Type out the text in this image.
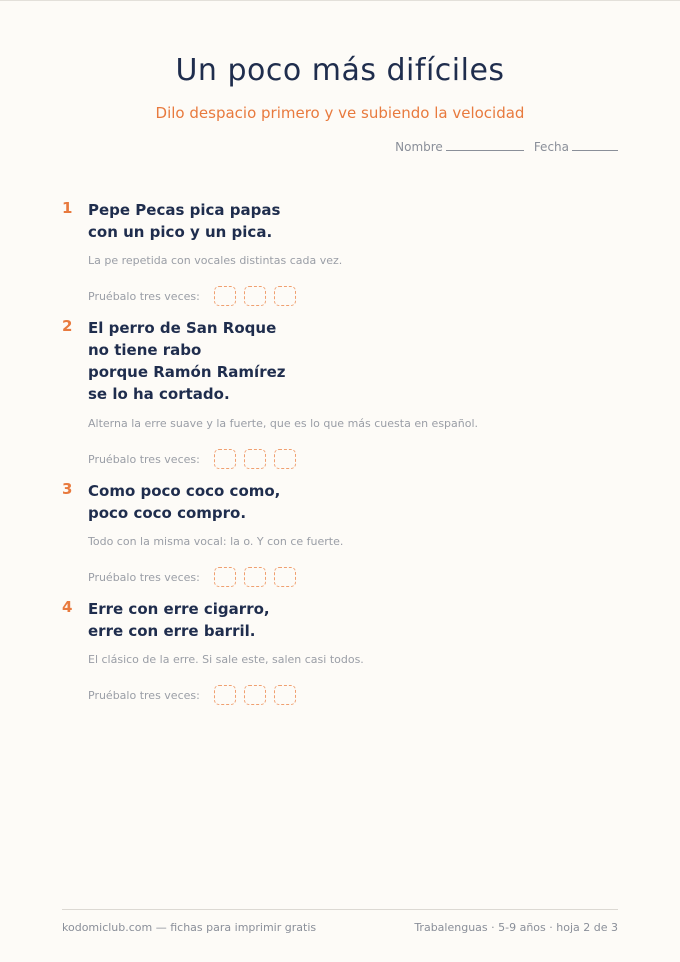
Un poco más difíciles
Dilo despacio primero y ve subiendo la velocidad
Nombre	Fecha
1 Pepe Pecas pica papas
con un pico y un pica.
La pe repetida con vocales distintas cada vez.
Pruébalo tres veces:
2 El perro de San Roque
no tiene rabo
porque Ramón Ramírez
se lo ha cortado.
Alterna la erre suave y la fuerte, que es lo que más cuesta en español.
Pruébalo tres veces:
3 Como poco coco como,
poco coco compro.
Todo con la misma vocal: la o. Y con ce fuerte.
Pruébalo tres veces:
4 Erre con erre cigarro,
erre con erre barril.
El clásico de la erre. Si sale este, salen casi todos.
Pruébalo tres veces:
kodomiclub.com — fichas para imprimir gratis	Trabalenguas · 5-9 años · hoja 2 de 3
